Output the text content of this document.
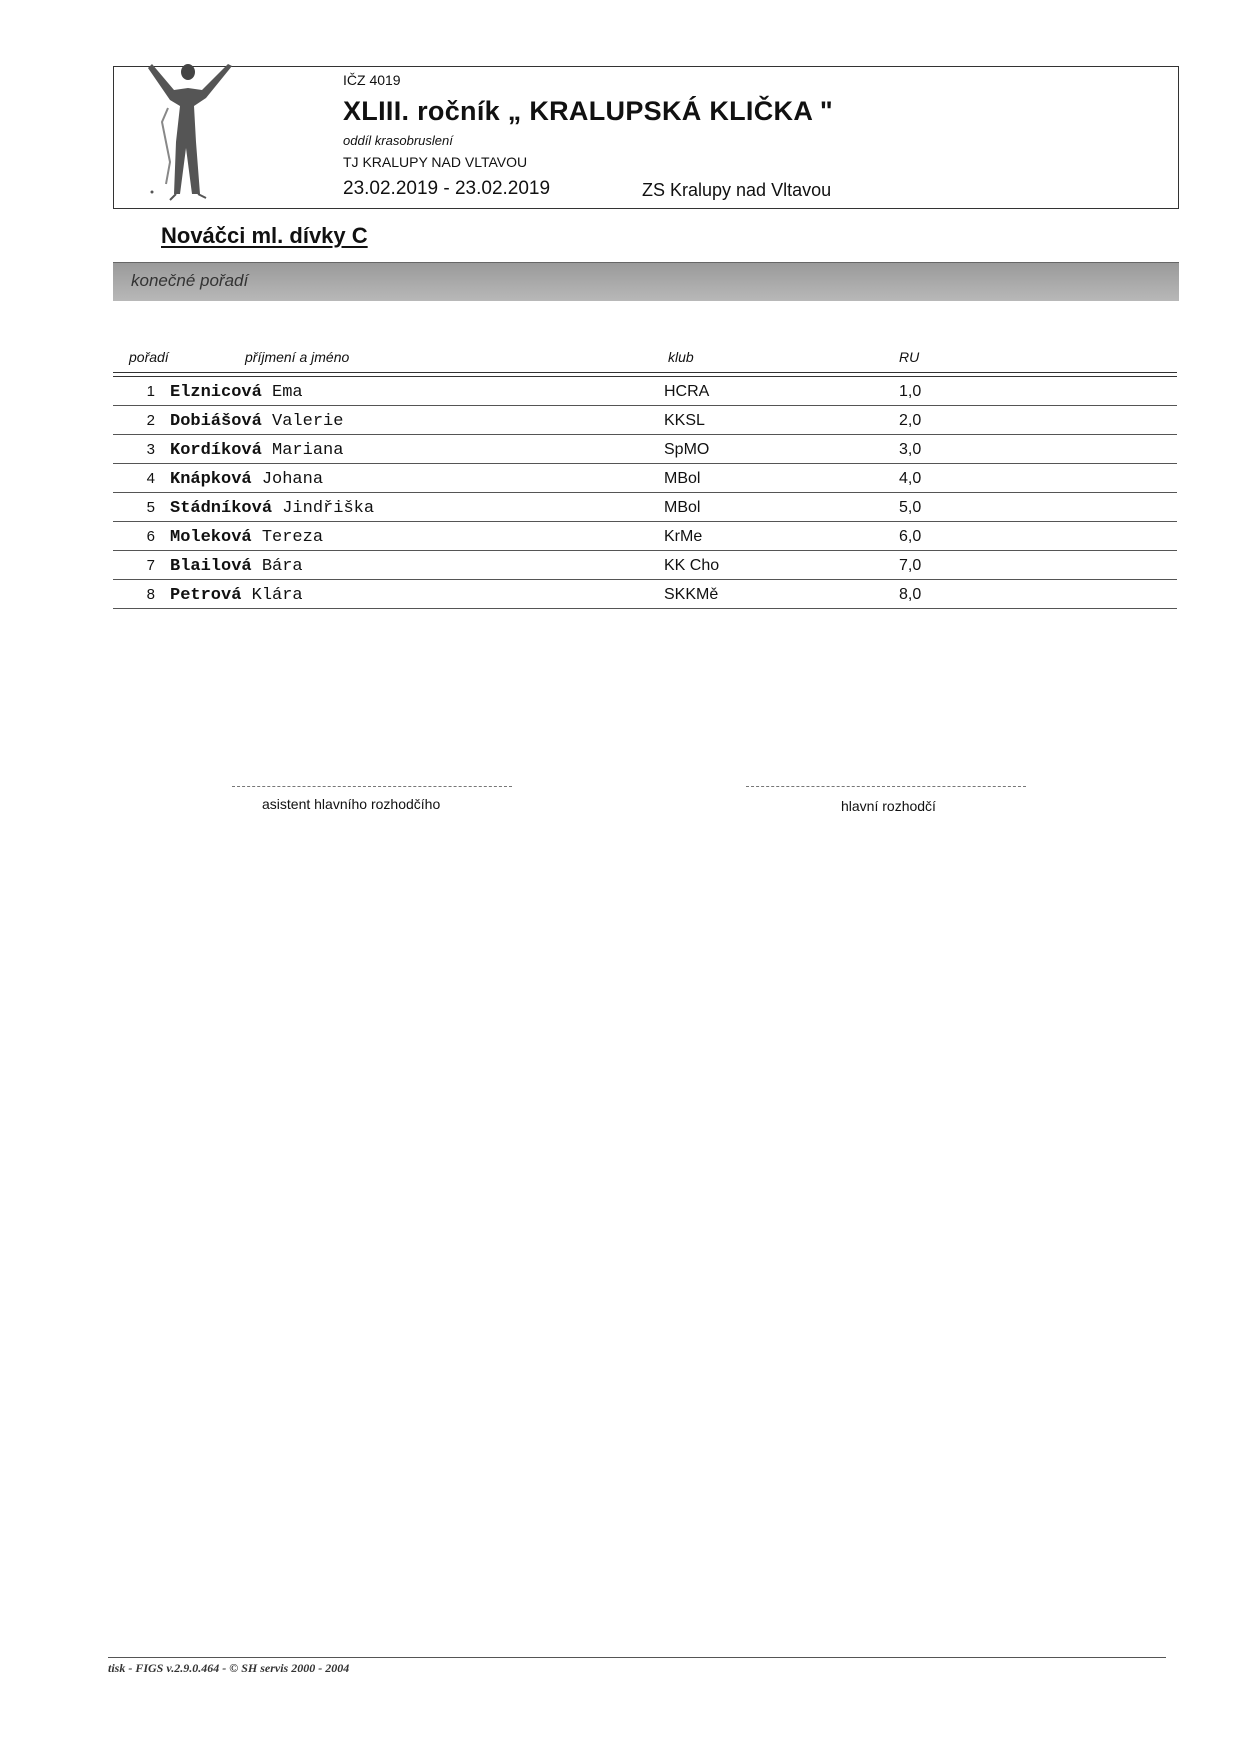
IČZ 4019
XLIII. ročník „ KRALUPSKÁ KLIČKA "
oddíl krasobruslení
TJ KRALUPY NAD VLTAVOU
23.02.2019 - 23.02.2019	ZS Kralupy nad Vltavou
Nováčci ml. dívky C
konečné pořadí
pořadí	příjmení a jméno	klub	RU
1 Elznicová Ema	HCRA	1,0
2 Dobiášová Valerie	KKSL	2,0
3 Kordíková Mariana	SpMO	3,0
4 Knápková Johana	MBol	4,0
5 Stádníková Jindřiška	MBol	5,0
6 Moleková Tereza	KrMe	6,0
7 Blailová Bára	KK Cho	7,0
8 Petrová Klára	SKKMě	8,0
asistent hlavního rozhodčího	hlavní rozhodčí
tisk - FIGS v.2.9.0.464 - © SH servis 2000 - 2004
